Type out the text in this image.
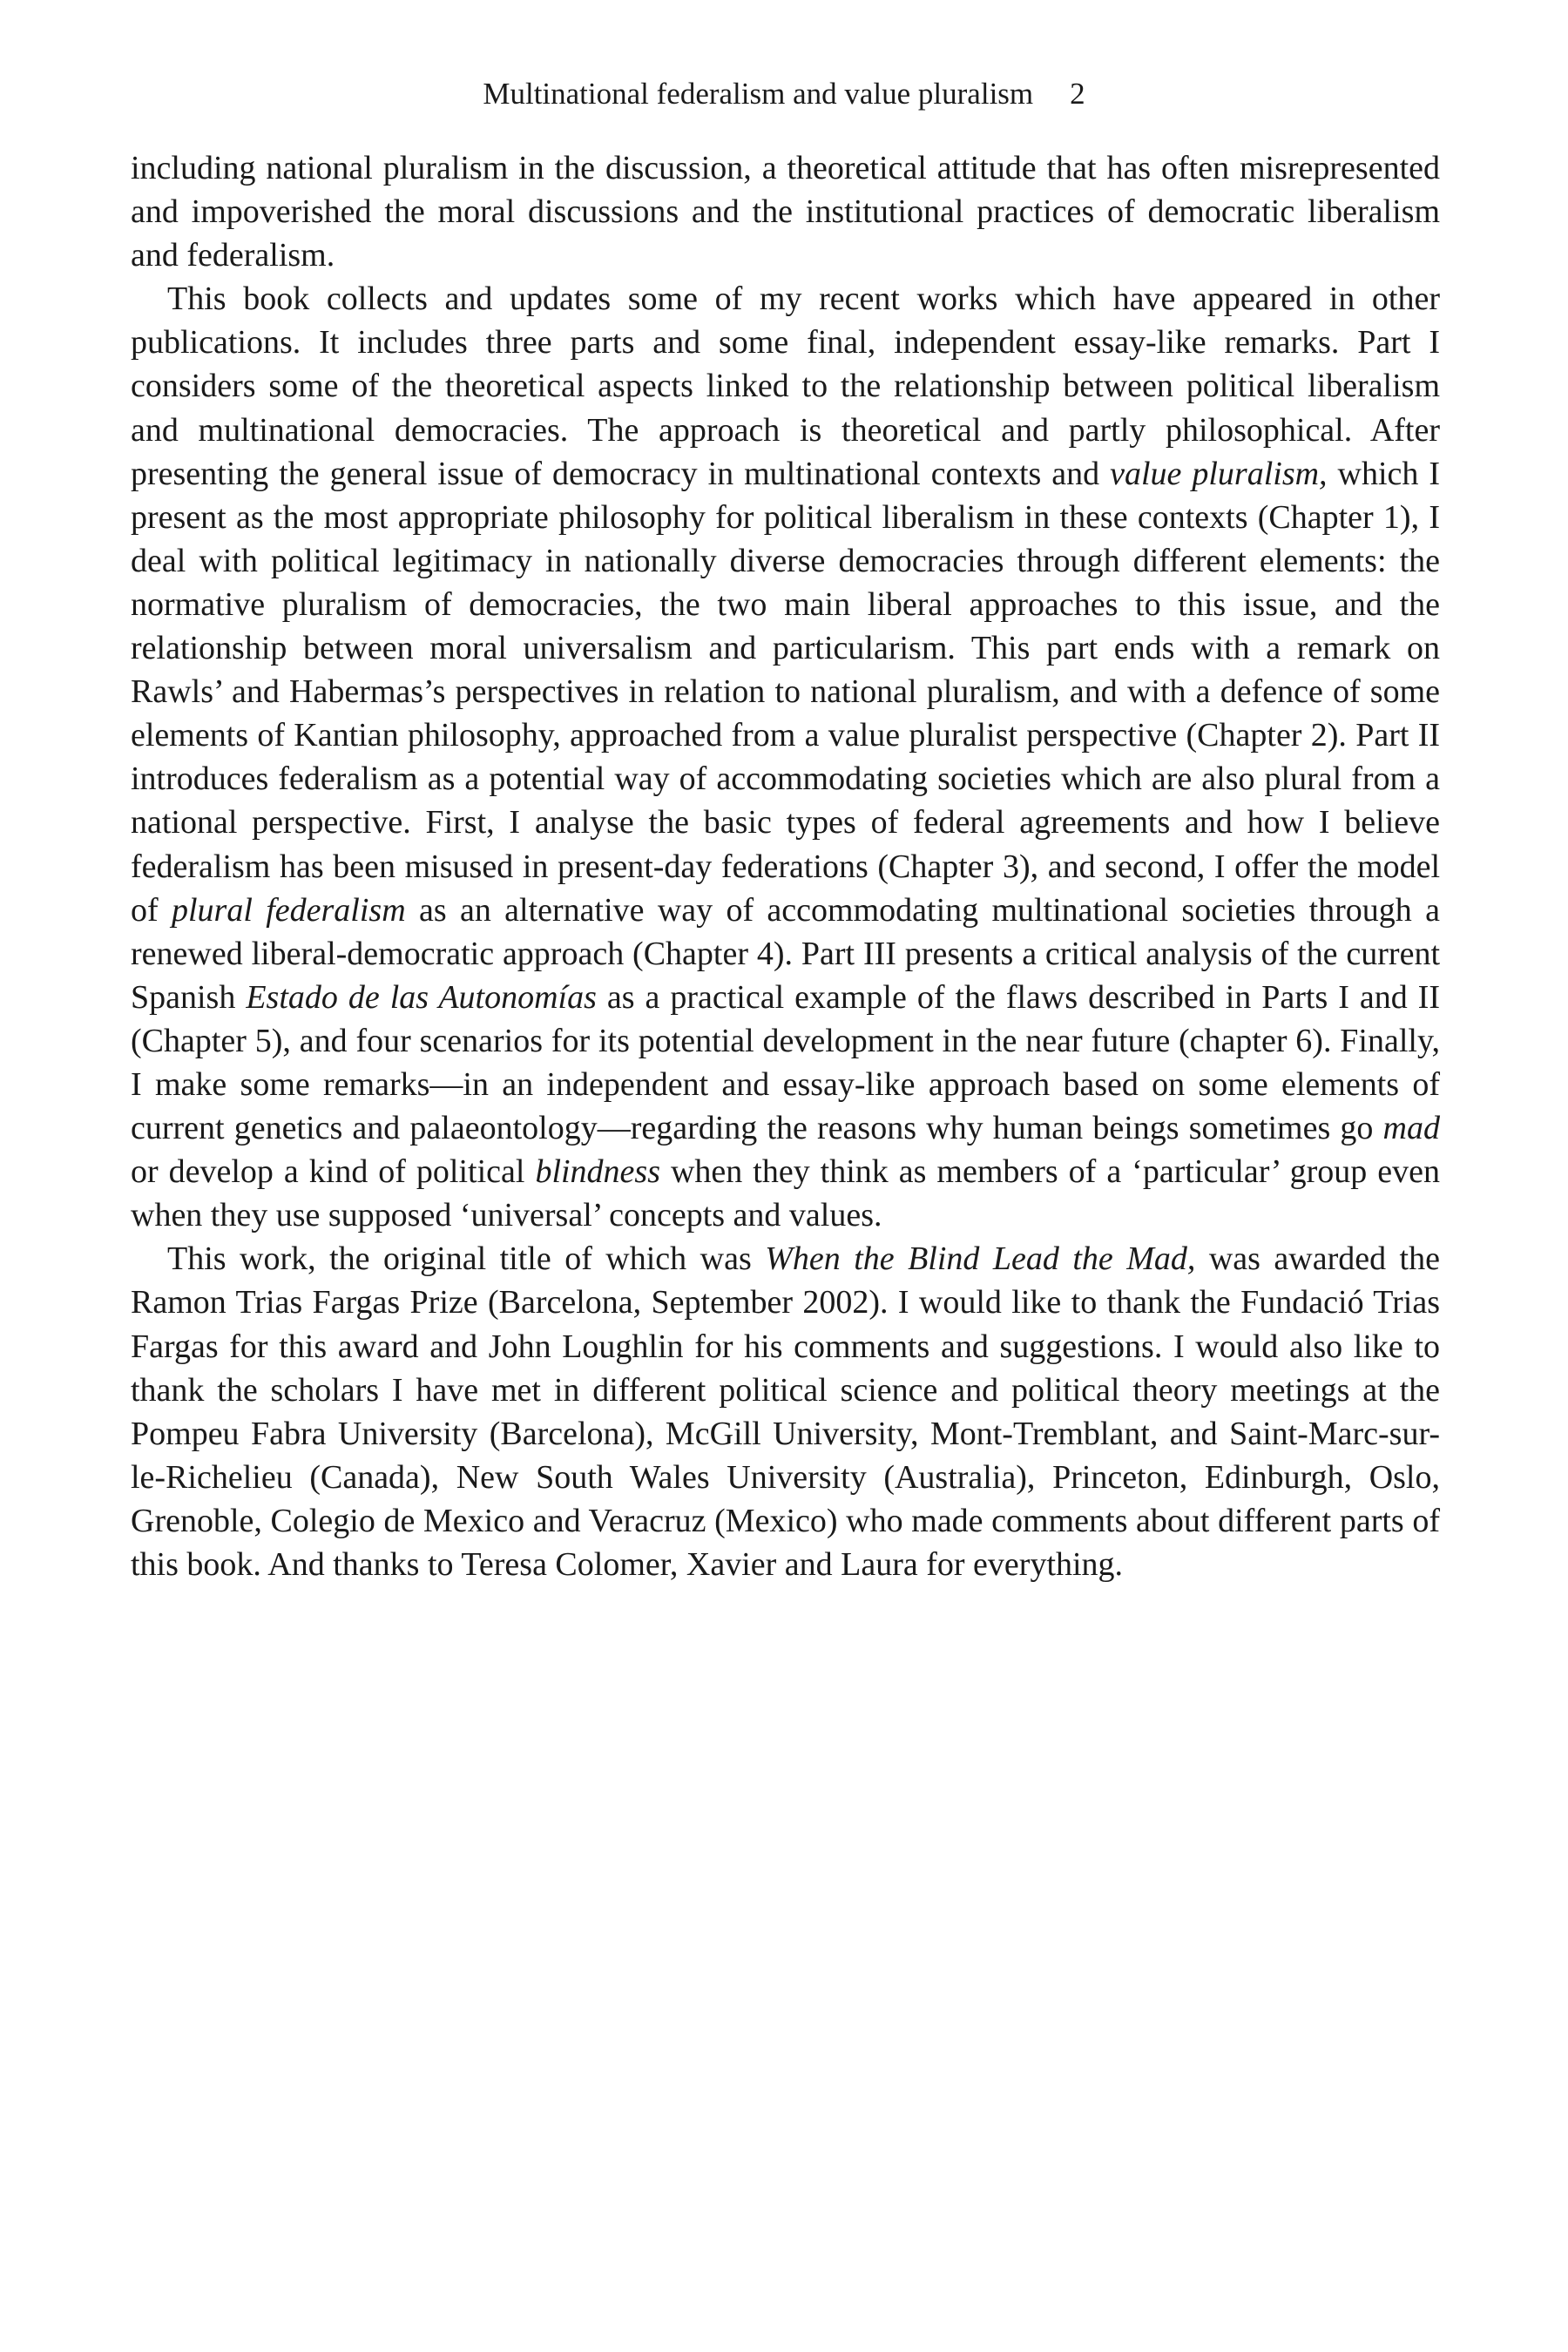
Multinational federalism and value pluralism 2

including national pluralism in the discussion, a theoretical attitude that has often misrepresented and impoverished the moral discussions and the institutional practices of democratic liberalism and federalism.

This book collects and updates some of my recent works which have appeared in other publications. It includes three parts and some final, independent essay-like remarks. Part I considers some of the theoretical aspects linked to the relationship between political liberalism and multinational democracies. The approach is theoretical and partly philosophical. After presenting the general issue of democracy in multinational contexts and value pluralism, which I present as the most appropriate philosophy for political liberalism in these contexts (Chapter 1), I deal with political legitimacy in nationally diverse democracies through different elements: the normative pluralism of democracies, the two main liberal approaches to this issue, and the relationship between moral universalism and particularism. This part ends with a remark on Rawls’ and Habermas’s perspectives in relation to national pluralism, and with a defence of some elements of Kantian philosophy, approached from a value pluralist perspective (Chapter 2). Part II introduces federalism as a potential way of accommodating societies which are also plural from a national perspective. First, I analyse the basic types of federal agreements and how I believe federalism has been misused in present-day federations (Chapter 3), and second, I offer the model of plural federalism as an alternative way of accommodating multinational societies through a renewed liberal-democratic approach (Chapter 4). Part III presents a critical analysis of the current Spanish Estado de las Autonomías as a practical example of the flaws described in Parts I and II (Chapter 5), and four scenarios for its potential development in the near future (chapter 6). Finally, I make some remarks—in an independent and essay-like approach based on some elements of current genetics and palaeontology—regarding the reasons why human beings sometimes go mad or develop a kind of political blindness when they think as members of a ‘particular’ group even when they use supposed ‘universal’ concepts and values.

This work, the original title of which was When the Blind Lead the Mad, was awarded the Ramon Trias Fargas Prize (Barcelona, September 2002). I would like to thank the Fundació Trias Fargas for this award and John Loughlin for his comments and suggestions. I would also like to thank the scholars I have met in different political science and political theory meetings at the Pompeu Fabra University (Barcelona), McGill University, Mont-Tremblant, and Saint-Marc-sur-le-Richelieu (Canada), New South Wales University (Australia), Princeton, Edinburgh, Oslo, Grenoble, Colegio de Mexico and Veracruz (Mexico) who made comments about different parts of this book. And thanks to Teresa Colomer, Xavier and Laura for everything.
